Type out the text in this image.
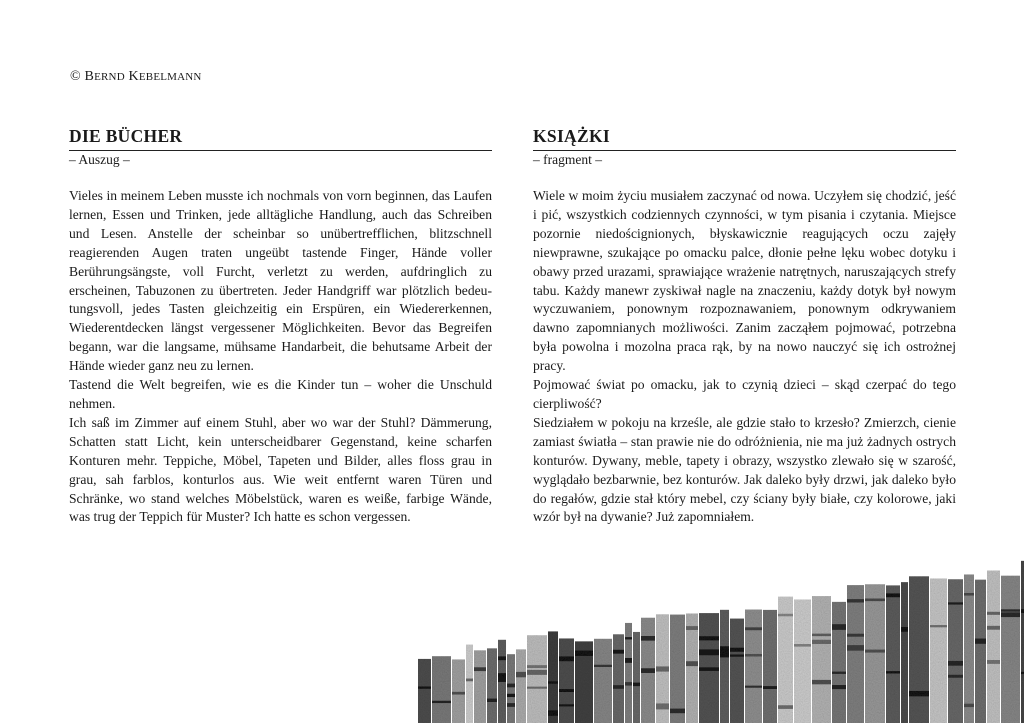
© BERND KEBELMANN
DIE BÜCHER
– Auszug –

Vieles in meinem Leben musste ich nochmals von vorn beginnen, das Laufen lernen, Essen und Trinken, jede alltägliche Handlung, auch das Schreiben und Lesen. Anstelle der scheinbar so unübertrefflichen, blitzschnell reagierenden Augen traten ungeübt tastende Finger, Hände voller Berührungsängste, voll Furcht, verletzt zu werden, aufdringlich zu erscheinen, Tabuzonen zu übertreten. Jeder Handgriff war plötzlich bedeutungsvoll, jedes Tasten gleichzeitig ein Erspüren, ein Wiedererkennen, Wiederentdecken längst vergessener Möglichkeiten. Bevor das Begreifen begann, war die langsame, mühsame Handarbeit, die behutsame Arbeit der Hände wieder ganz neu zu lernen.

Tastend die Welt begreifen, wie es die Kinder tun – woher die Unschuld nehmen.

Ich saß im Zimmer auf einem Stuhl, aber wo war der Stuhl? Dämmerung, Schatten statt Licht, kein unterscheidbarer Gegenstand, keine scharfen Konturen mehr. Teppiche, Möbel, Tapeten und Bilder, alles floss grau in grau, sah farblos, konturlos aus. Wie weit entfernt waren Türen und Schränke, wo stand welches Möbelstück, waren es weiße, farbige Wände, was trug der Teppich für Muster? Ich hatte es schon vergessen.

KSIĄŻKI
– fragment –

Wiele w moim życiu musiałem zaczynać od nowa. Uczyłem się chodzić, jeść i pić, wszystkich codziennych czynności, w tym pisania i czytania. Miejsce pozornie niedoścignionych, błyskawicznie reagujących oczu zajęły niewprawne, szukające po omacku palce, dłonie pełne lęku wobec dotyku i obawy przed urazami, sprawiające wrażenie natrętnych, naruszających strefy tabu. Każdy manewr zyskiwał nagle na znaczeniu, każdy dotyk był nowym wyczuwaniem, ponownym rozpoznawaniem, ponownym odkrywaniem dawno zapomnianych możliwości. Zanim zacząłem pojmować, potrzebna była powolna i mozolna praca rąk, by na nowo nauczyć się ich ostrożnej pracy.

Pojmować świat po omacku, jak to czynią dzieci – skąd czerpać do tego cierpliwość?

Siedziałem w pokoju na krześle, ale gdzie stało to krzesło? Zmierzch, cienie zamiast światła – stan prawie nie do odróżnienia, nie ma już żadnych ostrych konturów. Dywany, meble, tapety i obrazy, wszystko zlewało się w szarość, wyglądało bezbarwnie, bez konturów. Jak daleko były drzwi, jak daleko było do regałów, gdzie stał który mebel, czy ściany były białe, czy kolorowe, jaki wzór był na dywanie? Już zapomniałem.
